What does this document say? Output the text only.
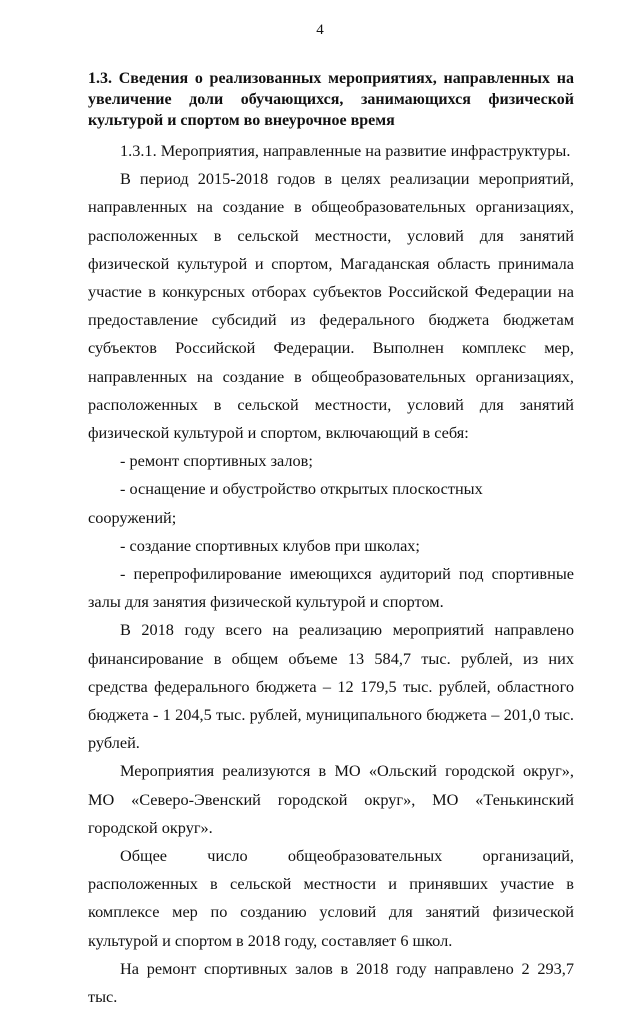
4
1.3. Сведения о реализованных мероприятиях, направленных на увеличение доли обучающихся, занимающихся физической культурой и спортом во внеурочное время

1.3.1. Мероприятия, направленные на развитие инфраструктуры.

В период 2015-2018 годов в целях реализации мероприятий, направленных на создание в общеобразовательных организациях, расположенных в сельской местности, условий для занятий физической культурой и спортом, Магаданская область принимала участие в конкурсных отборах субъектов Российской Федерации на предоставление субсидий из федерального бюджета бюджетам субъектов Российской Федерации. Выполнен комплекс мер, направленных на создание в общеобразовательных организациях, расположенных в сельской местности, условий для занятий физической культурой и спортом, включающий в себя:

- ремонт спортивных залов;

- оснащение и обустройство открытых плоскостных сооружений;

- создание спортивных клубов при школах;

- перепрофилирование имеющихся аудиторий под спортивные залы для занятия физической культурой и спортом.

В 2018 году всего на реализацию мероприятий направлено финансирование в общем объеме 13 584,7 тыс. рублей, из них средства федерального бюджета – 12 179,5 тыс. рублей, областного бюджета - 1 204,5 тыс. рублей, муниципального бюджета – 201,0 тыс. рублей.

Мероприятия реализуются в МО «Ольский городской округ», МО «Северо-Эвенский городской округ», МО «Тенькинский городской округ».

Общее число общеобразовательных организаций, расположенных в сельской местности и принявших участие в комплексе мер по созданию условий для занятий физической культурой и спортом в 2018 году, составляет 6 школ.

На ремонт спортивных залов в 2018 году направлено 2 293,7 тыс.
